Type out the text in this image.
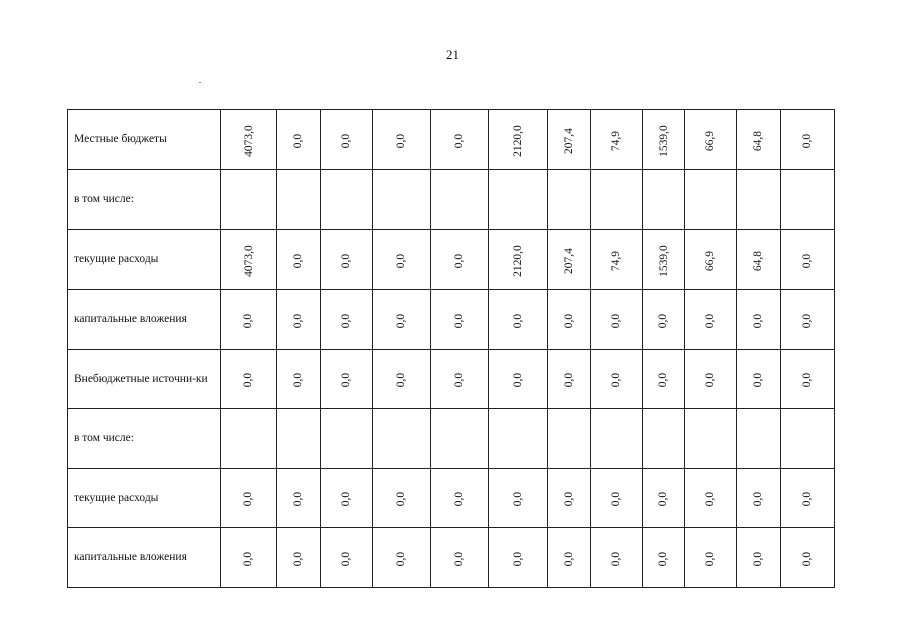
21
Местные бюджеты	4073,0	0,0	0,0	0,0	0,0	2120,0	207,4	74,9	1539,0	66,9	64,8	0,0
в том числе:												
текущие расходы	4073,0	0,0	0,0	0,0	0,0	2120,0	207,4	74,9	1539,0	66,9	64,8	0,0
капитальные вложения	0,0	0,0	0,0	0,0	0,0	0,0	0,0	0,0	0,0	0,0	0,0	0,0
Внебюджетные источни-ки	0,0	0,0	0,0	0,0	0,0	0,0	0,0	0,0	0,0	0,0	0,0	0,0
в том числе:												
текущие расходы	0,0	0,0	0,0	0,0	0,0	0,0	0,0	0,0	0,0	0,0	0,0	0,0
капитальные вложения	0,0	0,0	0,0	0,0	0,0	0,0	0,0	0,0	0,0	0,0	0,0	0,0
